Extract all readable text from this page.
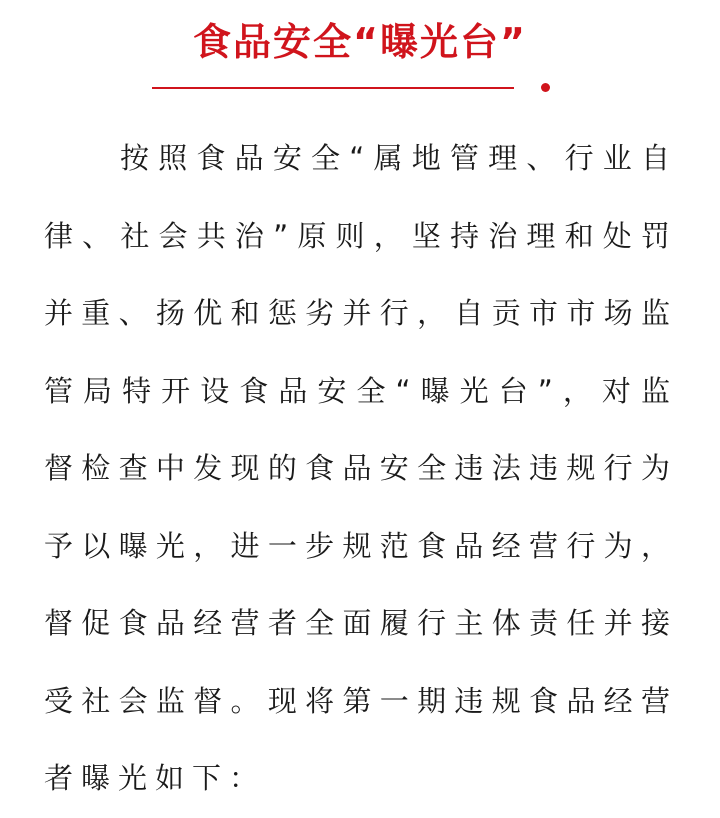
食品安全“曝光台”

按照食品安全“属地管理、行业自律、社会共治”原则，坚持治理和处罚并重、扬优和惩劣并行，自贡市市场监管局特开设食品安全“曝光台”，对监督检查中发现的食品安全违法违规行为予以曝光，进一步规范食品经营行为，督促食品经营者全面履行主体责任并接受社会监督。现将第一期违规食品经营者曝光如下：
